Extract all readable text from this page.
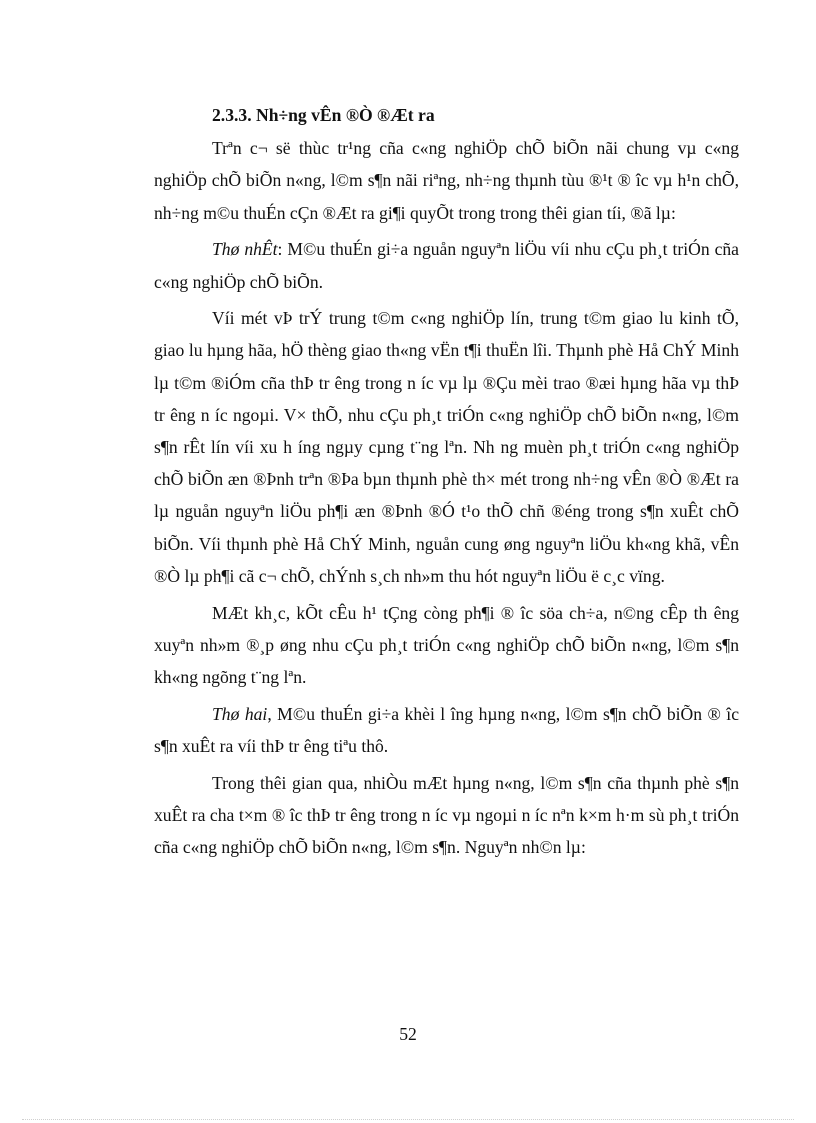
2.3.3. Nh÷ng vÊn ®Ò ®Æt ra

Trªn c¬ së thùc tr¹ng cña c«ng nghiÖp chÕ biÕn nãi chung vµ c«ng nghiÖp chÕ biÕn n«ng, l©m s¶n nãi riªng, nh÷ng thµnh tùu ®¹t ® îc vµ h¹n chÕ, nh÷ng m©u thuÉn cÇn ®Æt ra gi¶i quyÕt trong trong thêi gian tíi, ®ã lµ:

Thø nhÊt: M©u thuÉn gi÷a nguån nguyªn liÖu víi nhu cÇu ph¸t triÓn cña c«ng nghiÖp chÕ biÕn.

Víi mét vÞ trÝ trung t©m c«ng nghiÖp lín, trung t©m giao lu kinh tÕ, giao lu hµng hãa, hÖ thèng giao th«ng vËn t¶i thuËn lîi. Thµnh phè Hå ChÝ Minh lµ t©m ®iÓm cña thÞ tr êng trong n íc vµ lµ ®Çu mèi trao ®æi hµng hãa vµ thÞ tr êng n íc ngoµi. V× thÕ, nhu cÇu ph¸t triÓn c«ng nghiÖp chÕ biÕn n«ng, l©m s¶n rÊt lín víi xu h íng ngµy cµng t¨ng lªn. Nh ng muèn ph¸t triÓn c«ng nghiÖp chÕ biÕn æn ®Þnh trªn ®Þa bµn thµnh phè th× mét trong nh÷ng vÊn ®Ò ®Æt ra lµ nguån nguyªn liÖu ph¶i æn ®Þnh ®Ó t¹o thÕ chñ ®éng trong s¶n xuÊt chÕ biÕn. Víi thµnh phè Hå ChÝ Minh, nguån cung øng nguyªn liÖu kh«ng khã, vÊn ®Ò lµ ph¶i cã c¬ chÕ, chÝnh s¸ch nh»m thu hót nguyªn liÖu ë c¸c vïng.

MÆt kh¸c, kÕt cÊu h¹ tÇng còng ph¶i ® îc söa ch÷a, n©ng cÊp th êng xuyªn nh»m ®¸p øng nhu cÇu ph¸t triÓn c«ng nghiÖp chÕ biÕn n«ng, l©m s¶n kh«ng ngõng t¨ng lªn.

Thø hai, M©u thuÉn gi÷a khèi l îng hµng n«ng, l©m s¶n chÕ biÕn ® îc s¶n xuÊt ra víi thÞ tr êng tiªu thô.

Trong thêi gian qua, nhiÒu mÆt hµng n«ng, l©m s¶n cña thµnh phè s¶n xuÊt ra cha t×m ® îc thÞ tr êng trong n íc vµ ngoµi n íc nªn k×m h·m sù ph¸t triÓn cña c«ng nghiÖp chÕ biÕn n«ng, l©m s¶n. Nguyªn nh©n lµ:

52
